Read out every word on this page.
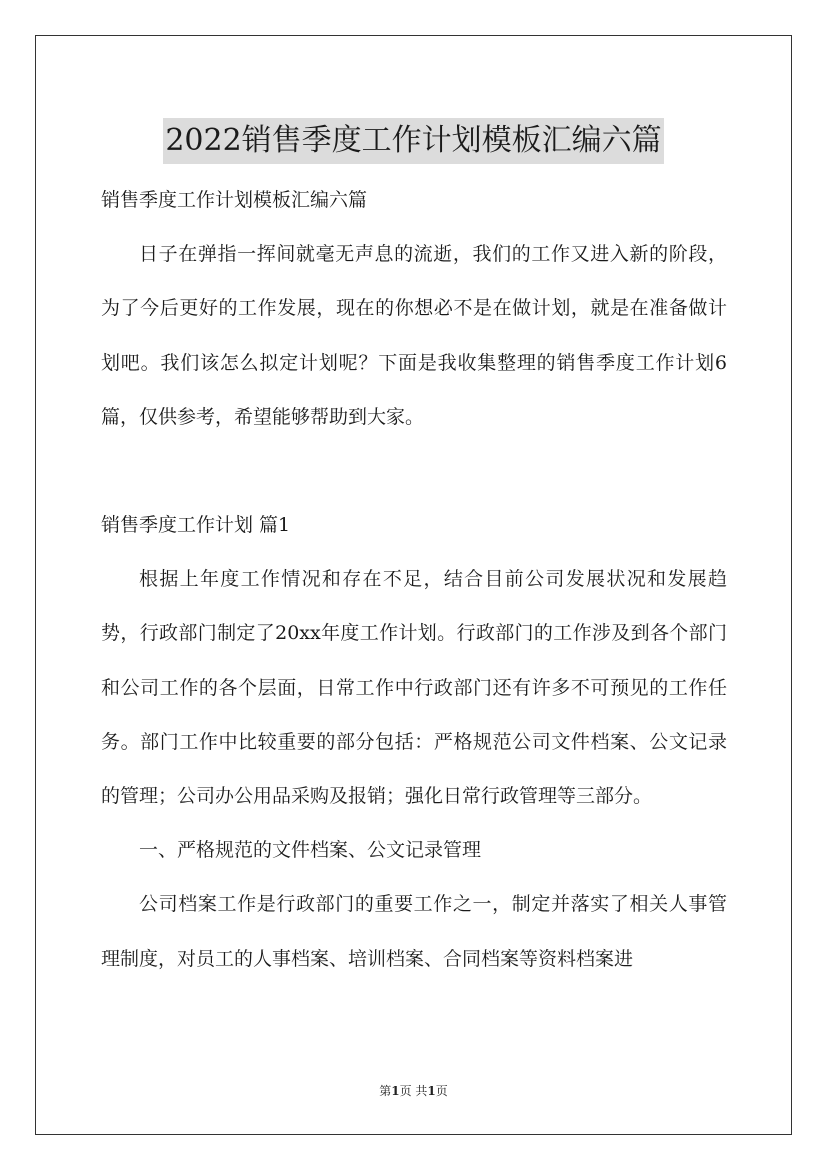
2022销售季度工作计划模板汇编六篇

销售季度工作计划模板汇编六篇

日子在弹指一挥间就毫无声息的流逝，我们的工作又进入新的阶段，为了今后更好的工作发展，现在的你想必不是在做计划，就是在准备做计划吧。我们该怎么拟定计划呢？下面是我收集整理的销售季度工作计划6篇，仅供参考，希望能够帮助到大家。

销售季度工作计划 篇1

根据上年度工作情况和存在不足，结合目前公司发展状况和发展趋势，行政部门制定了20xx年度工作计划。行政部门的工作涉及到各个部门和公司工作的各个层面，日常工作中行政部门还有许多不可预见的工作任务。部门工作中比较重要的部分包括：严格规范公司文件档案、公文记录的管理；公司办公用品采购及报销；强化日常行政管理等三部分。

一、严格规范的文件档案、公文记录管理

公司档案工作是行政部门的重要工作之一，制定并落实了相关人事管理制度，对员工的人事档案、培训档案、合同档案等资料档案进

第1页 共1页
